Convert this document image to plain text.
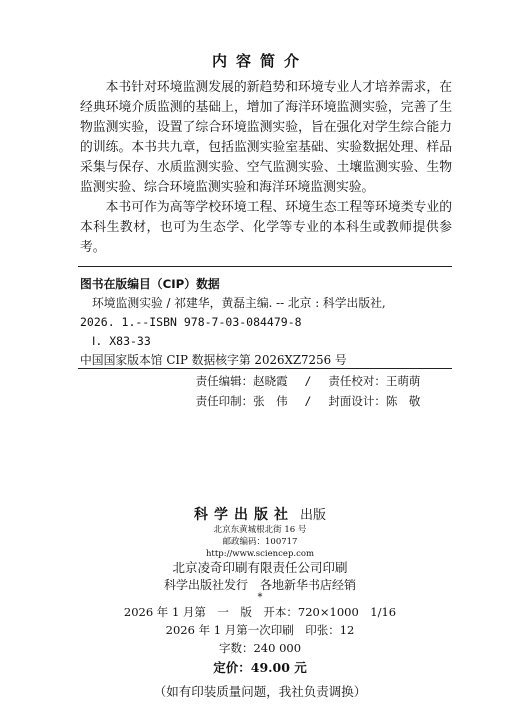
内容简介

本书针对环境监测发展的新趋势和环境专业人才培养需求，在经典环境介质监测的基础上，增加了海洋环境监测实验，完善了生物监测实验，设置了综合环境监测实验，旨在强化对学生综合能力的训练。本书共九章，包括监测实验室基础、实验数据处理、样品采集与保存、水质监测实验、空气监测实验、土壤监测实验、生物监测实验、综合环境监测实验和海洋环境监测实验。

本书可作为高等学校环境工程、环境生态工程等环境类专业的本科生教材，也可为生态学、化学等专业的本科生或教师提供参考。

图书在版编目（CIP）数据
环境监测实验 / 祁建华，黄磊主编. -- 北京 : 科学出版社,
2026. 1.--ISBN 978-7-03-084479-8
Ⅰ. X83-33
中国国家版本馆 CIP 数据核字第 2026XZ7256 号
责任编辑：赵晓霞 / 责任校对：王萌萌
责任印制：张　伟 / 封面设计：陈　敬
科学出版社 出版
北京东黄城根北街 16 号
邮政编码：100717
http://www.sciencep.com
北京凌奇印刷有限责任公司印刷
科学出版社发行　各地新华书店经销
*
2026 年 1 月第　一　版　开本：720×1000　1/16
2026 年 1 月第一次印刷　印张：12
字数：240 000
定价：49.00 元
（如有印装质量问题，我社负责调换）
